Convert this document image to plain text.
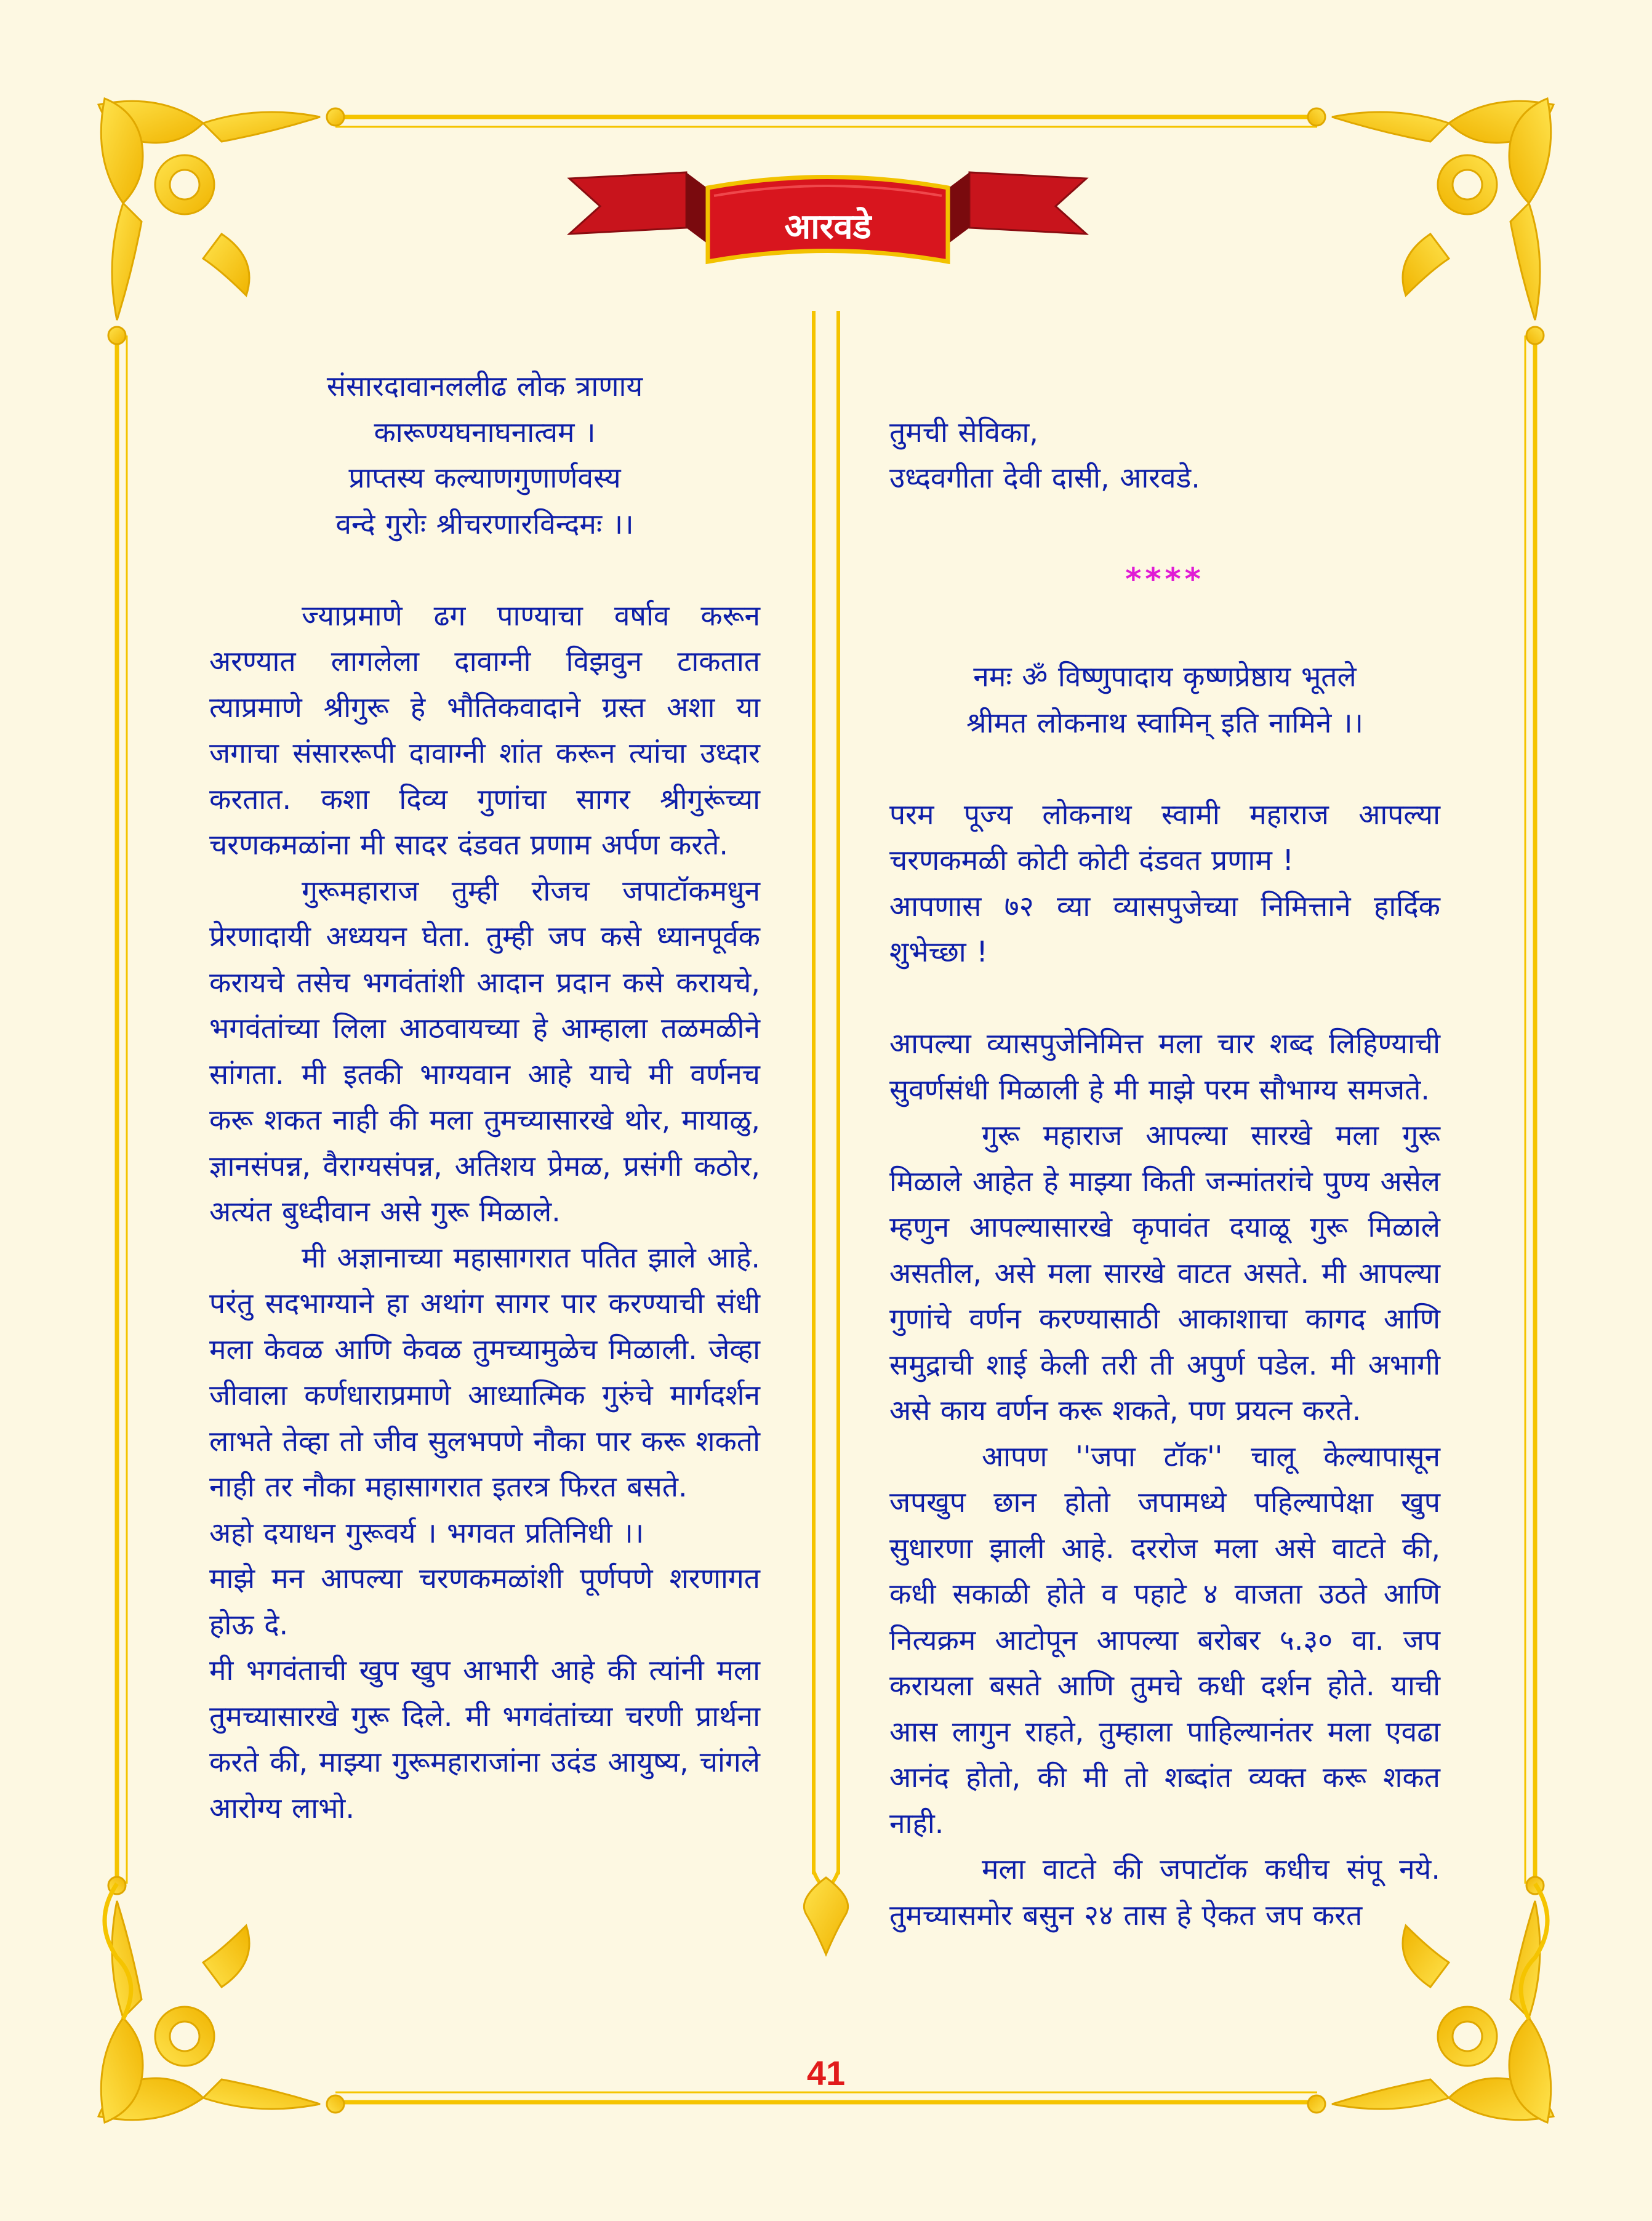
आरवडे

संसारदावानललीढ लोक त्राणाय

कारूण्यघनाघनात्वम ।

प्राप्तस्य कल्याणगुणार्णवस्य

वन्दे गुरोः श्रीचरणारविन्दमः ।।

ज्याप्रमाणे ढग पाण्याचा वर्षाव करून अरण्यात लागलेला दावाग्नी विझवुन टाकतात त्याप्रमाणे श्रीगुरू हे भौतिकवादाने ग्रस्त अशा या जगाचा संसाररूपी दावाग्नी शांत करून त्यांचा उध्दार करतात. कशा दिव्य गुणांचा सागर श्रीगुरूंच्या चरणकमळांना मी सादर दंडवत प्रणाम अर्पण करते.

गुरूमहाराज तुम्ही रोजच जपाटॉकमधुन प्रेरणादायी अध्ययन घेता. तुम्ही जप कसे ध्यानपूर्वक करायचे तसेच भगवंतांशी आदान प्रदान कसे करायचे, भगवंतांच्या लिला आठवायच्या हे आम्हाला तळमळीने सांगता. मी इतकी भाग्यवान आहे याचे मी वर्णनच करू शकत नाही की मला तुमच्यासारखे थोर, मायाळु, ज्ञानसंपन्न, वैराग्यसंपन्न, अतिशय प्रेमळ, प्रसंगी कठोर, अत्यंत बुध्दीवान असे गुरू मिळाले.

मी अज्ञानाच्या महासागरात पतित झाले आहे. परंतु सदभाग्याने हा अथांग सागर पार करण्याची संधी मला केवळ आणि केवळ तुमच्यामुळेच मिळाली. जेव्हा जीवाला कर्णधाराप्रमाणे आध्यात्मिक गुरुंचे मार्गदर्शन लाभते तेव्हा तो जीव सुलभपणे नौका पार करू शकतो नाही तर नौका महासागरात इतरत्र फिरत बसते.

अहो दयाधन गुरूवर्य । भगवत प्रतिनिधी ।।

माझे मन आपल्या चरणकमळांशी पूर्णपणे शरणागत होऊ दे.

मी भगवंताची खुप खुप आभारी आहे की त्यांनी मला तुमच्यासारखे गुरू दिले. मी भगवंतांच्या चरणी प्रार्थना करते की, माझ्या गुरूमहाराजांना उदंड आयुष्य, चांगले आरोग्य लाभो.

तुमची सेविका,

उध्दवगीता देवी दासी, आरवडे.

****

नमः ॐ विष्णुपादाय कृष्णप्रेष्ठाय भूतले

श्रीमत लोकनाथ स्वामिन् इति नामिने ।।

परम पूज्य लोकनाथ स्वामी महाराज आपल्या चरणकमळी कोटी कोटी दंडवत प्रणाम !

आपणास ७२ व्या व्यासपुजेच्या निमित्ताने हार्दिक शुभेच्छा !

आपल्या व्यासपुजेनिमित्त मला चार शब्द लिहिण्याची सुवर्णसंधी मिळाली हे मी माझे परम सौभाग्य समजते.

गुरू महाराज आपल्या सारखे मला गुरू मिळाले आहेत हे माझ्या किती जन्मांतरांचे पुण्य असेल म्हणुन आपल्यासारखे कृपावंत दयाळू गुरू मिळाले असतील, असे मला सारखे वाटत असते. मी आपल्या गुणांचे वर्णन करण्यासाठी आकाशाचा कागद आणि समुद्राची शाई केली तरी ती अपुर्ण पडेल. मी अभागी असे काय वर्णन करू शकते, पण प्रयत्न करते.

आपण ''जपा टॉक'' चालू केल्यापासून जपखुप छान होतो जपामध्ये पहिल्यापेक्षा खुप सुधारणा झाली आहे. दररोज मला असे वाटते की, कधी सकाळी होते व पहाटे ४ वाजता उठते आणि नित्यक्रम आटोपून आपल्या बरोबर ५.३० वा. जप करायला बसते आणि तुमचे कधी दर्शन होते. याची आस लागुन राहते, तुम्हाला पाहिल्यानंतर मला एवढा आनंद होतो, की मी तो शब्दांत व्यक्त करू शकत नाही.

मला वाटते की जपाटॉक कधीच संपू नये. तुमच्यासमोर बसुन २४ तास हे ऐकत जप करत

41
